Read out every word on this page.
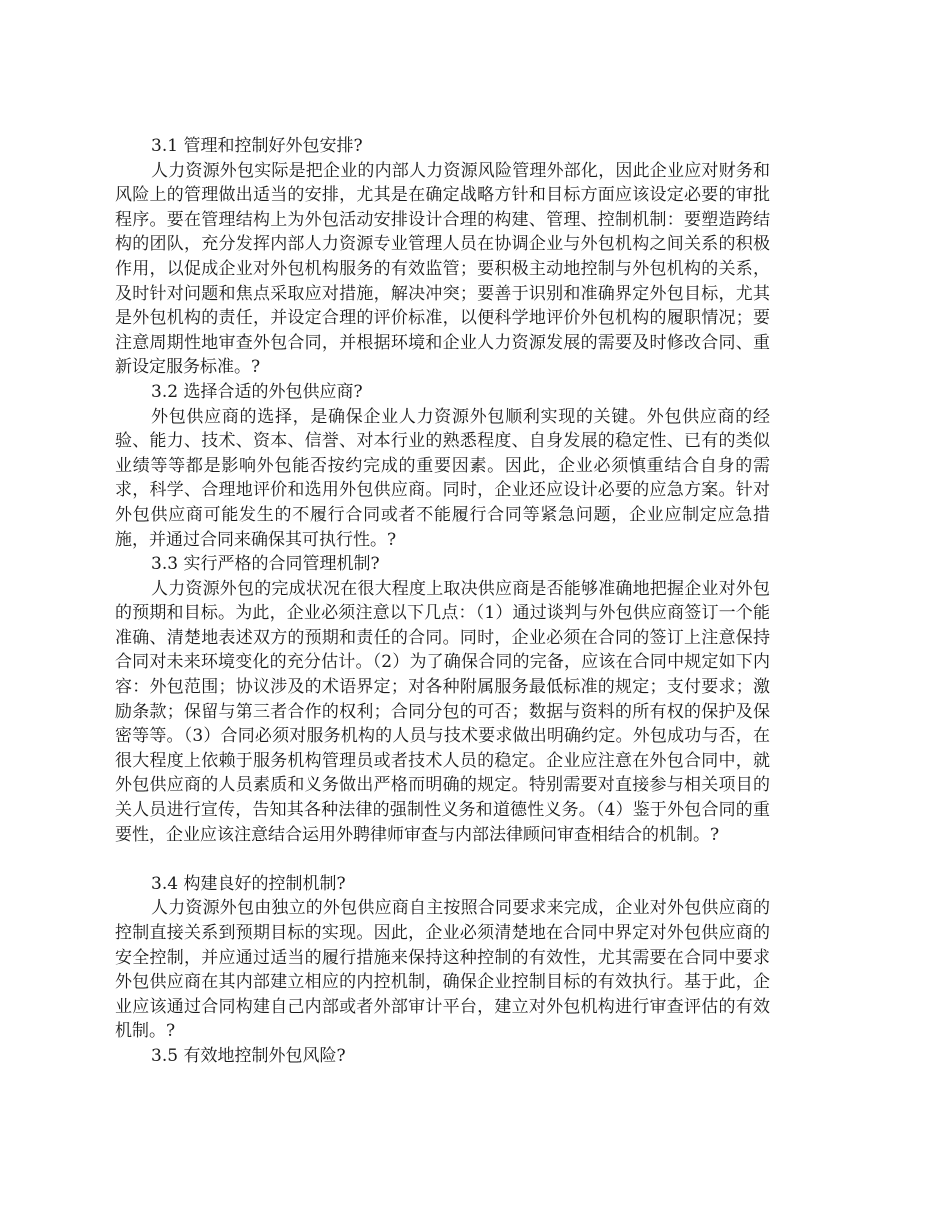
3.1 管理和控制好外包安排?

人力资源外包实际是把企业的内部人力资源风险管理外部化，因此企业应对财务和风险上的管理做出适当的安排，尤其是在确定战略方针和目标方面应该设定必要的审批程序。要在管理结构上为外包活动安排设计合理的构建、管理、控制机制：要塑造跨结构的团队，充分发挥内部人力资源专业管理人员在协调企业与外包机构之间关系的积极作用，以促成企业对外包机构服务的有效监管；要积极主动地控制与外包机构的关系，及时针对问题和焦点采取应对措施，解决冲突；要善于识别和准确界定外包目标，尤其是外包机构的责任，并设定合理的评价标准，以便科学地评价外包机构的履职情况；要注意周期性地审查外包合同，并根据环境和企业人力资源发展的需要及时修改合同、重新设定服务标准。?

3.2 选择合适的外包供应商?

外包供应商的选择，是确保企业人力资源外包顺利实现的关键。外包供应商的经验、能力、技术、资本、信誉、对本行业的熟悉程度、自身发展的稳定性、已有的类似业绩等等都是影响外包能否按约完成的重要因素。因此，企业必须慎重结合自身的需求，科学、合理地评价和选用外包供应商。同时，企业还应设计必要的应急方案。针对外包供应商可能发生的不履行合同或者不能履行合同等紧急问题，企业应制定应急措施，并通过合同来确保其可执行性。?

3.3 实行严格的合同管理机制?

人力资源外包的完成状况在很大程度上取决供应商是否能够准确地把握企业对外包的预期和目标。为此，企业必须注意以下几点：（1）通过谈判与外包供应商签订一个能准确、清楚地表述双方的预期和责任的合同。同时，企业必须在合同的签订上注意保持合同对未来环境变化的充分估计。（2）为了确保合同的完备，应该在合同中规定如下内容：外包范围；协议涉及的术语界定；对各种附属服务最低标准的规定；支付要求；激励条款；保留与第三者合作的权利；合同分包的可否；数据与资料的所有权的保护及保密等等。（3）合同必须对服务机构的人员与技术要求做出明确约定。外包成功与否，在很大程度上依赖于服务机构管理员或者技术人员的稳定。企业应注意在外包合同中，就外包供应商的人员素质和义务做出严格而明确的规定。特别需要对直接参与相关项目的关人员进行宣传，告知其各种法律的强制性义务和道德性义务。（4）鉴于外包合同的重要性，企业应该注意结合运用外聘律师审查与内部法律顾问审查相结合的机制。?

3.4 构建良好的控制机制?

人力资源外包由独立的外包供应商自主按照合同要求来完成，企业对外包供应商的控制直接关系到预期目标的实现。因此，企业必须清楚地在合同中界定对外包供应商的安全控制，并应通过适当的履行措施来保持这种控制的有效性，尤其需要在合同中要求外包供应商在其内部建立相应的内控机制，确保企业控制目标的有效执行。基于此，企业应该通过合同构建自己内部或者外部审计平台，建立对外包机构进行审查评估的有效机制。?

3.5 有效地控制外包风险?
